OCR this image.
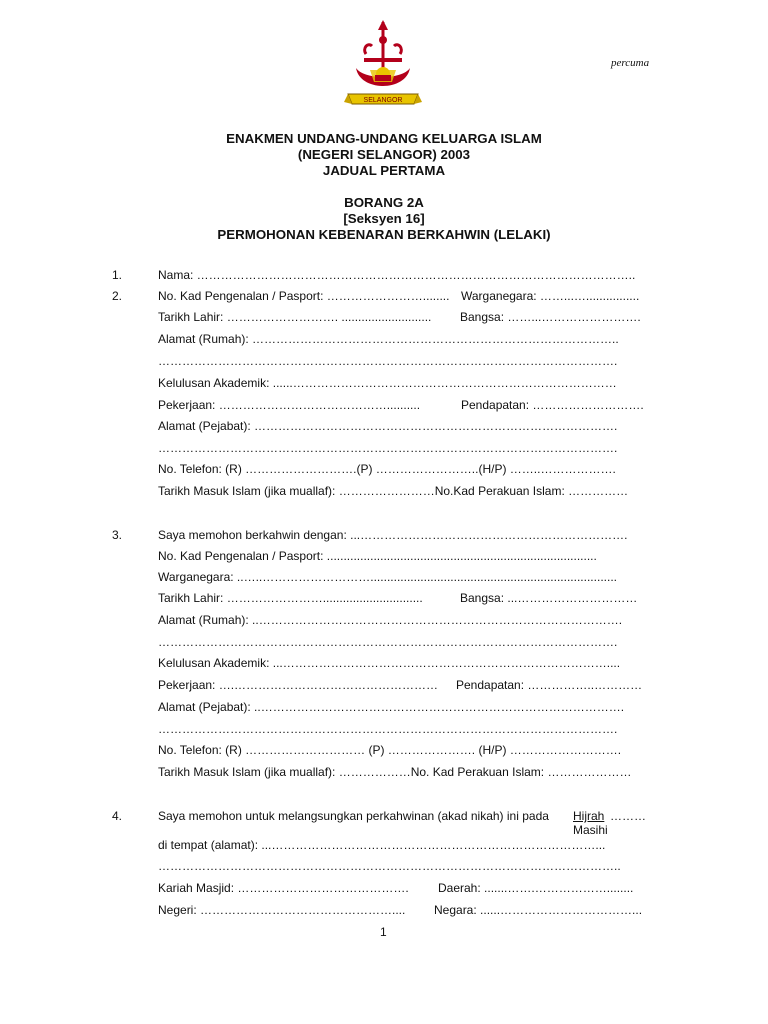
SELANGOR
percuma
ENAKMEN UNDANG-UNDANG KELUARGA ISLAM
(NEGERI SELANGOR) 2003
JADUAL PERTAMA
BORANG 2A
[Seksyen 16]
PERMOHONAN KEBENARAN BERKAHWIN (LELAKI)
1.
2.
3.
4.
Nama: ………………………………………………………………………………………………..
No. Kad Pengenalan / Pasport: ……………………........ Warganegara: ……...…................
Tarikh Lahir: ………………………. ........................... Bangsa: ……...…………………….
Alamat (Rumah): ………………………………………………………………………………..
…………………………………………………………………………………………………….
Kelulusan Akademik: ......………………………………………………………………………
Pekerjaan: ……………………………………..........	Pendapatan: ……………………….
Alamat (Pejabat): ……………………………………………………………………………….
…………………………………………………………………………………………………….
No. Telefon: (R) ……………………….(P) ……………………..(H/P) ……..……………….
Tarikh Masuk Islam (jika muallaf): ……………………No.Kad Perakuan Islam: ……………
Saya memohon berkahwin dengan: ...………………………………………………………….
No. Kad Pengenalan / Pasport: .................................................................................
Warganegara: ..…..………………………..........................................................................
Tarikh Lahir: ……………………..............................	Bangsa: ...…………………………
Alamat (Rumah): ..……………………………………………………………………………….
…………………………………………………………………………………………………….
Kelulusan Akademik: ...………………………………………………………………………....
Pekerjaan: ….…………………………………………… Pendapatan: ……………..…………
Alamat (Pejabat): ..……………………………………………………………………………….
…………………………………………………………………………………………………….
No. Telefon: (R) ………………………… (P) …………………. (H/P) ……………………….
Tarikh Masuk Islam (jika muallaf): ………………No. Kad Perakuan Islam: …………………
Saya memohon untuk melangsungkan perkahwinan (akad nikah) ini pada Hijrah ………
Masihi
di tempat (alamat): ...………………………………………………………………………...
……………………………………………………………………………………………………..
Kariah Masjid: ……………………………………. Daerah: .......…….………………........
Negeri: ………………………………………….... Negara: ......……………………………...
1
